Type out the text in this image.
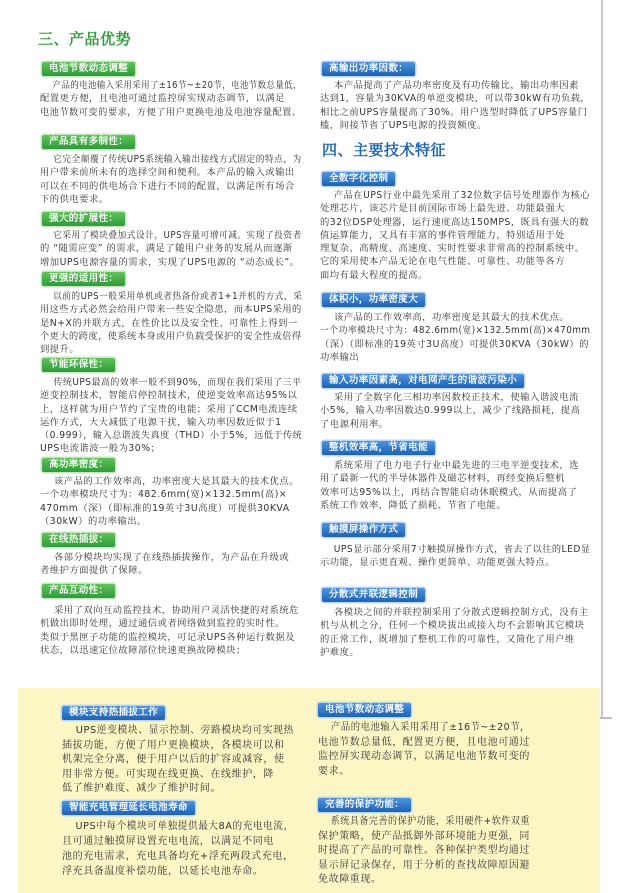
三、产品优势
电池节数动态调整
产品的电池输入采用采用了±16节~±20节，电池节数总量低，
配置更方便，且电池可通过监控屏实现动态调节，以满足
电池节数可变的要求，方便了用户更换电池及电池容量配置。
产品具有多制性：
它完全颠覆了传统UPS系统输入输出接线方式固定的特点，为
用户带来前所未有的选择空间和便利。本产品的输入或输出
可以在不同的供电场合下进行不同的配置，以满足所有场合
下的供电要求。
强大的扩展性：
它采用了模块叠加式设计，UPS容量可增可减。实现了投资者
的 “随需应变” 的需求，满足了随用户业务的发展从而逐渐
增加UPS电源容量的需求，实现了UPS电源的 “动态成长”。
更强的适用性：
以前的UPS一般采用单机或者热备份或者1+1并机的方式，采
用这些方式必然会给用户带来一些安全隐患，而本UPS采用的
是N+X的并联方式，在性价比以及安全性、可靠性上得到一
个更大的跨度，使系统本身或用户负载受保护的安全性成倍得
到提升。
节能环保性：
传统UPS最高的效率一般不到90%，而现在我们采用了三平
逆变控制技术，智能启停控制技术，使逆变效率高达95%以
上，这样就为用户节约了宝贵的电能；采用了CCM电流连续
运作方式，大大减低了电源干扰，输入功率因数近似于1
（0.999），输入总谐波失真度（THD）小于5%，远低于传统
UPS电流谐波一般为30%；
高功率密度：
该产品的工作效率高，功率密度大是其最大的技术优点。
一个功率模块尺寸为：482.6mm(宽)×132.5mm(高)×
470mm（深）（即标准的19英寸3U高度）可提供30KVA
（30kW）的功率输出。
在线热插拔：
各部分模块均实现了在线热插拔操作，为产品在升级或
者维护方面提供了保障。
产品互动性：
采用了双向互动监控技术，协助用户灵活快捷的对系统危
机做出即时处理，通过通信或者网络做到监控的实时性。
类似于黑匣子功能的监控模块，可记录UPS各种运行数据及
状态，以迅速定位故障部位快速更换故障模块；
高输出功率因数：
本产品提高了产品功率密度及有功传输比，输出功率因素
达到1，容量为30KVA的单逆变模块，可以带30kW有功负载，
相比之前UPS容量提高了30%。用户选型时降低了UPS容量门
槛，间接节省了UPS电源的投资额度。
四、主要技术特征
全数字化控制
产品在UPS行业中最先采用了32位数字信号处理器作为核心
处理芯片，该芯片是目前国际市场上最先进、功能最强大
的32位DSP处理器，运行速度高达150MPS，既具有强大的数
值运算能力，又具有丰富的事件管理能力，特别适用于处
理复杂、高精度、高速度、实时性要求非常高的控制系统中。
它的采用使本产品无论在电气性能、可靠性、功能等各方
面均有最大程度的提高。
体积小，功率密度大
该产品的工作效率高，功率密度是其最大的技术优点。
一个功率模块尺寸为：482.6mm(宽)×132.5mm(高)×470mm
（深）（即标准的19英寸3U高度）可提供30KVA（30kW）的
功率输出
输入功率因素高，对电网产生的谐波污染小
采用了全数字化三相功率因数校正技术，使输入谐波电流
小5%，输入功率因数达0.999以上，减少了线路损耗，提高
了电源利用率。
整机效率高，节省电能
系统采用了电力电子行业中最先进的三电平逆变技术，选
用了最新一代的半导体器件及磁芯材料，再经变换后整机
效率可达95%以上，再结合智能启动休眠模式，从而提高了
系统工作效率，降低了损耗、节省了电能。
触摸屏操作方式
UPS显示部分采用7寸触摸屏操作方式，省去了以往的LED显
示功能，显示更直观、操作更简单、功能更强大特点。
分散式并联逻辑控制
各模块之间的并联控制采用了分散式逻辑控制方式，没有主
机与从机之分，任何一个模块拔出或接入均不会影响其它模块
的正常工作，既增加了整机工作的可靠性，又简化了用户维
护难度。
模块支持热插拔工作
UPS逆变模块、显示控制、旁路模块均可实现热
插拔功能，方便了用户更换模块，各模块可以和
机架完全分离，便于用户以后的扩容或减容，使
用非常方便。可实现在线更换、在线维护，降
低了维护难度、减少了维护时间。
智能充电管理延长电池寿命
UPS中每个模块可单独提供最大8A的充电电流，
且可通过触摸屏设置充电电流，以满足不同电
池的充电需求，充电具备均充+浮充两段式充电，
浮充具备温度补偿功能，以延长电池寿命。
电池节数动态调整
产品的电池输入采用采用了±16节~±20节，
电池节数总量低，配置更方便，且电池可通过
监控屏实现动态调节，以满足电池节数可变的
要求。
完善的保护功能：
系统具备完善的保护功能，采用硬件+软件双重
保护策略，使产品抵御外部环境能力更强，同
时提高了产品的可靠性。各种保护类型均通过
显示屏记录保存，用于分析的查找故障原因避
免故障重现。
